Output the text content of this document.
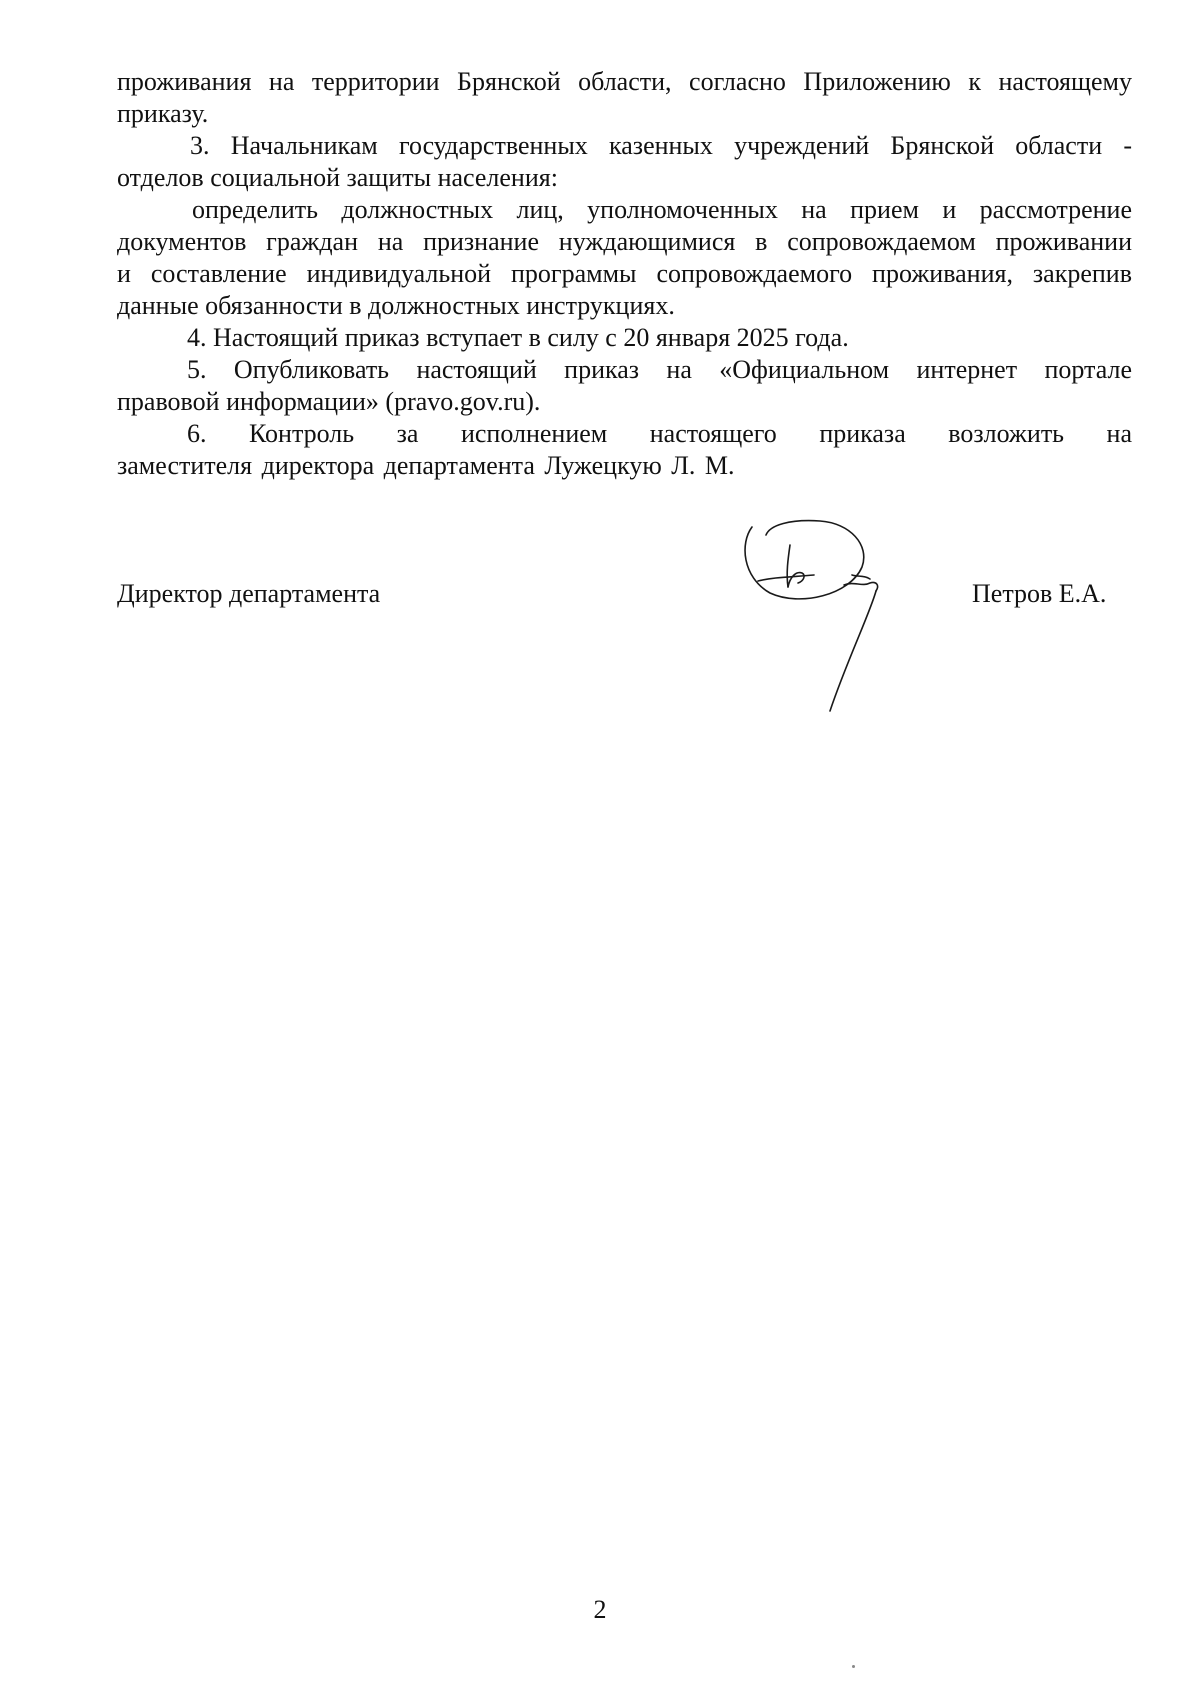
проживания на территории Брянской области, согласно Приложению к настоящему

приказу.

3. Начальникам государственных казенных учреждений Брянской области -

отделов социальной защиты населения:

определить должностных лиц, уполномоченных на прием и рассмотрение

документов граждан на признание нуждающимися в сопровождаемом проживании

и составление индивидуальной программы сопровождаемого проживания, закрепив

данные обязанности в должностных инструкциях.

4. Настоящий приказ вступает в силу с 20 января 2025 года.

5. Опубликовать настоящий приказ на «Официальном интернет портале

правовой информации» (pravo.gov.ru).

6. Контроль за исполнением настоящего приказа возложить на

заместителя директора департамента Лужецкую Л. М.

Директор департамента	Петров Е.А.
2
